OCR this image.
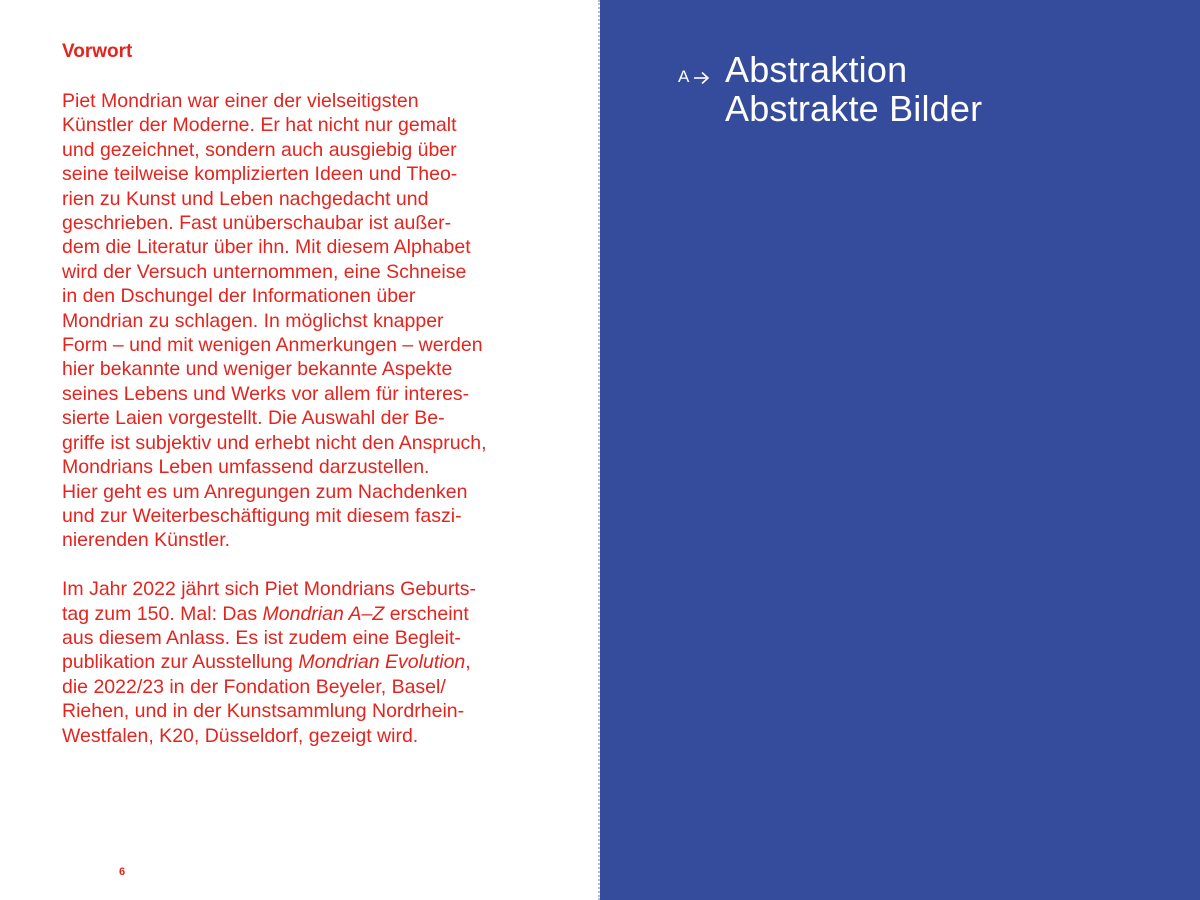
Vorwort

Piet Mondrian war einer der vielseitigsten
Künstler der Moderne. Er hat nicht nur gemalt
und gezeichnet, sondern auch ausgiebig über
seine teilweise komplizierten Ideen und Theo-
rien zu Kunst und Leben nachgedacht und
geschrieben. Fast unüberschaubar ist außer-
dem die Literatur über ihn. Mit diesem Alphabet
wird der Versuch unternommen, eine Schneise
in den Dschungel der Informationen über
Mondrian zu schlagen. In möglichst knapper
Form – und mit wenigen Anmerkungen – werden
hier bekannte und weniger bekannte Aspekte
seines Lebens und Werks vor allem für interes-
sierte Laien vorgestellt. Die Auswahl der Be-
griffe ist subjektiv und erhebt nicht den Anspruch,
Mondrians Leben umfassend darzustellen.
Hier geht es um Anregungen zum Nachdenken
und zur Weiterbeschäftigung mit diesem faszi-
nierenden Künstler.

Im Jahr 2022 jährt sich Piet Mondrians Geburts-
tag zum 150. Mal: Das Mondrian A–Z erscheint
aus diesem Anlass. Es ist zudem eine Begleit-
publikation zur Ausstellung Mondrian Evolution,
die 2022/23 in der Fondation Beyeler, Basel/
Riehen, und in der Kunstsammlung Nordrhein-
Westfalen, K20, Düsseldorf, gezeigt wird.

6
A Abstraktion
Abstrakte Bilder
